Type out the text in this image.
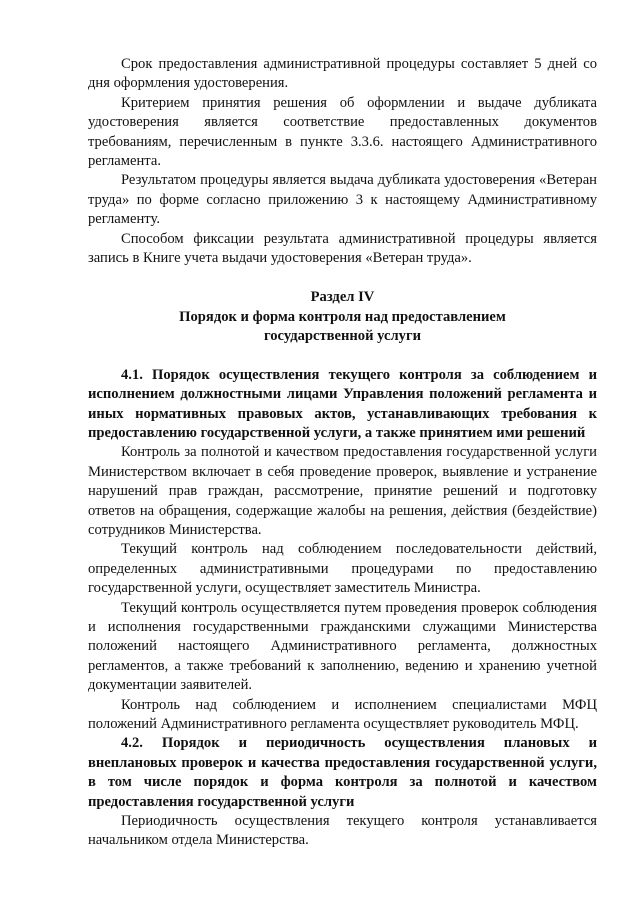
Срок предоставления административной процедуры составляет 5 дней со дня оформления удостоверения.

Критерием принятия решения об оформлении и выдаче дубликата удостоверения является соответствие предоставленных документов требованиям, перечисленным в пункте 3.3.6. настоящего Административного регламента.

Результатом процедуры является выдача дубликата удостоверения «Ветеран труда» по форме согласно приложению 3 к настоящему Административному регламенту.

Способом фиксации результата административной процедуры является запись в Книге учета выдачи удостоверения «Ветеран труда».

Раздел IV

Порядок и форма контроля над предоставлением

государственной услуги

4.1. Порядок осуществления текущего контроля за соблюдением и исполнением должностными лицами Управления положений регламента и иных нормативных правовых актов, устанавливающих требования к предоставлению государственной услуги, а также принятием ими решений

Контроль за полнотой и качеством предоставления государственной услуги Министерством включает в себя проведение проверок, выявление и устранение нарушений прав граждан, рассмотрение, принятие решений и подготовку ответов на обращения, содержащие жалобы на решения, действия (бездействие) сотрудников Министерства.

Текущий контроль над соблюдением последовательности действий, определенных административными процедурами по предоставлению государственной услуги, осуществляет заместитель Министра.

Текущий контроль осуществляется путем проведения проверок соблюдения и исполнения государственными гражданскими служащими Министерства положений настоящего Административного регламента, должностных регламентов, а также требований к заполнению, ведению и хранению учетной документации заявителей.

Контроль над соблюдением и исполнением специалистами МФЦ положений Административного регламента осуществляет руководитель МФЦ.

4.2. Порядок и периодичность осуществления плановых и внеплановых проверок и качества предоставления государственной услуги, в том числе порядок и форма контроля за полнотой и качеством предоставления государственной услуги

Периодичность осуществления текущего контроля устанавливается начальником отдела Министерства.
